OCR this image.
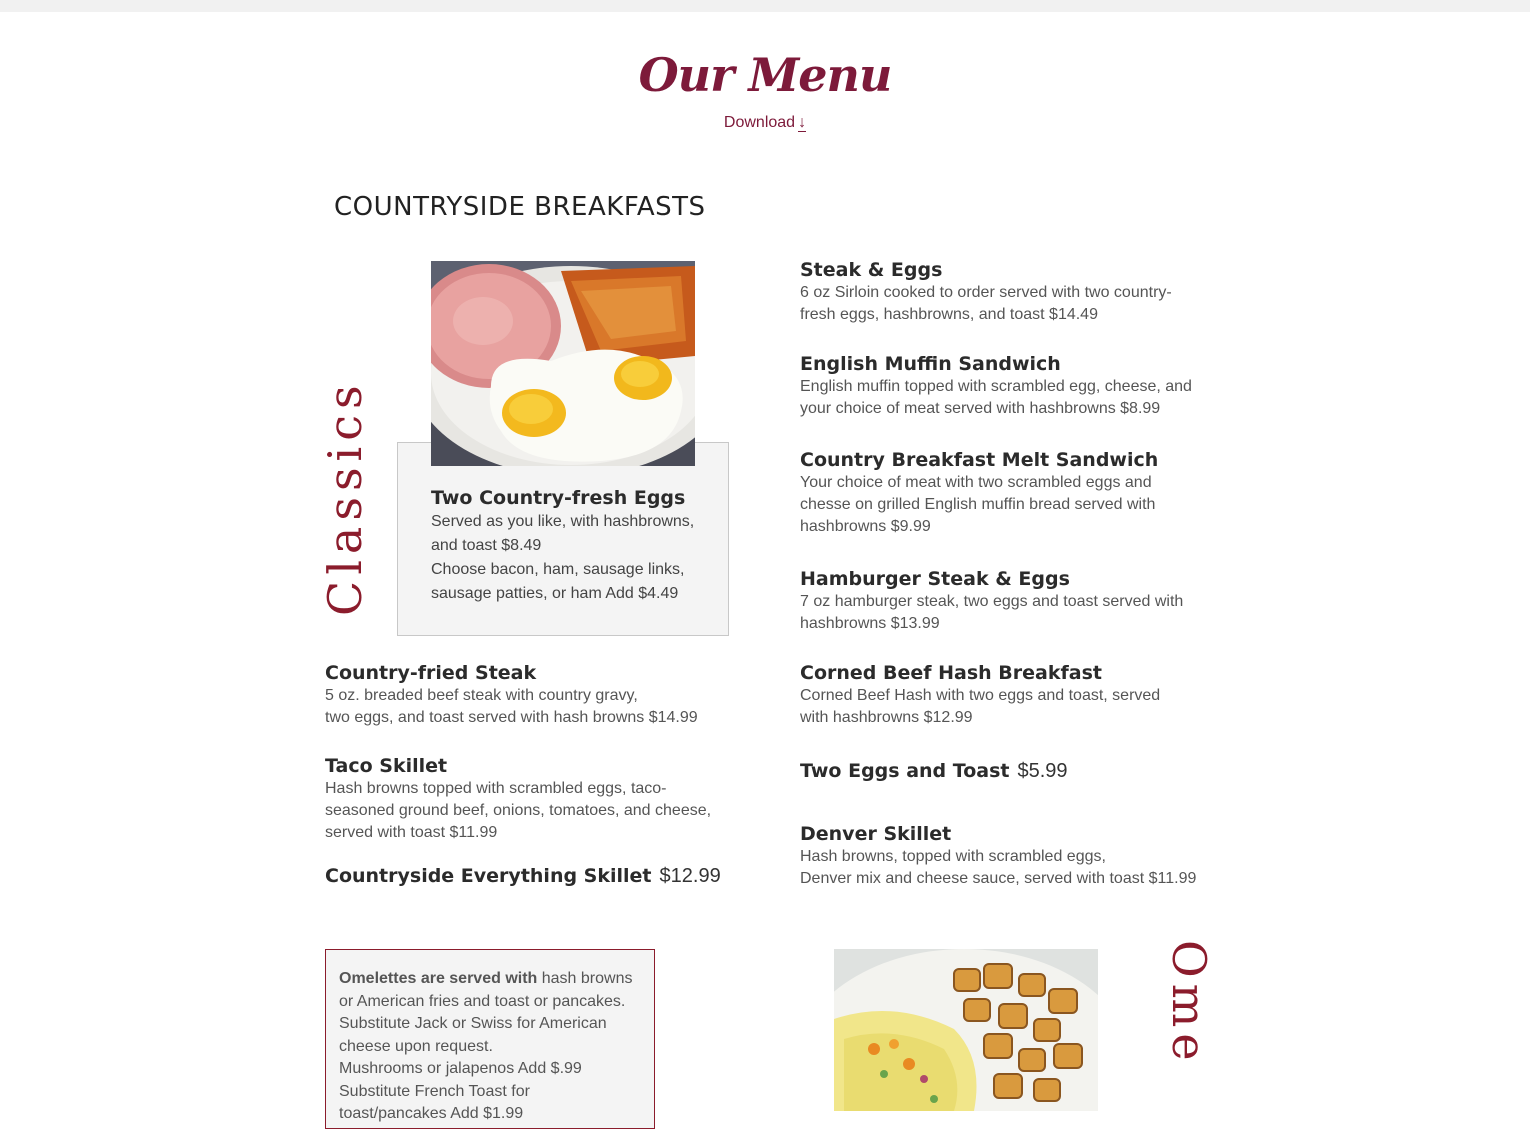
Our Menu
Download ↓
COUNTRYSIDE BREAKFASTS
Classics	Two Country-fresh Eggs

Served as you like, with hashbrowns, and toast $8.49

Choose bacon, ham, sausage links, sausage patties, or ham Add $4.49

Country-fried Steak

5 oz. breaded beef steak with country gravy,

two eggs, and toast served with hash browns $14.99

Taco Skillet

Hash browns topped with scrambled eggs, taco-seasoned ground beef, onions, tomatoes, and cheese, served with toast $11.99

Countryside Everything Skillet $12.99
Steak & Eggs

6 oz Sirloin cooked to order served with two country-fresh eggs, hashbrowns, and toast $14.49

English Muffin Sandwich

English muffin topped with scrambled egg, cheese, and your choice of meat served with hashbrowns $8.99

Country Breakfast Melt Sandwich

Your choice of meat with two scrambled eggs and chesse on grilled English muffin bread served with hashbrowns $9.99

Hamburger Steak & Eggs

7 oz hamburger steak, two eggs and toast served with hashbrowns $13.99

Corned Beef Hash Breakfast

Corned Beef Hash with two eggs and toast, served with hashbrowns $12.99

Two Eggs and Toast $5.99
Denver Skillet

Hash browns, topped with scrambled eggs,

Denver mix and cheese sauce, served with toast $11.99

Omelettes are served with hash browns or American fries and toast or pancakes.

Substitute Jack or Swiss for American cheese upon request.

Mushrooms or jalapenos Add $.99

Substitute French Toast for toast/pancakes Add $1.99

Ome
